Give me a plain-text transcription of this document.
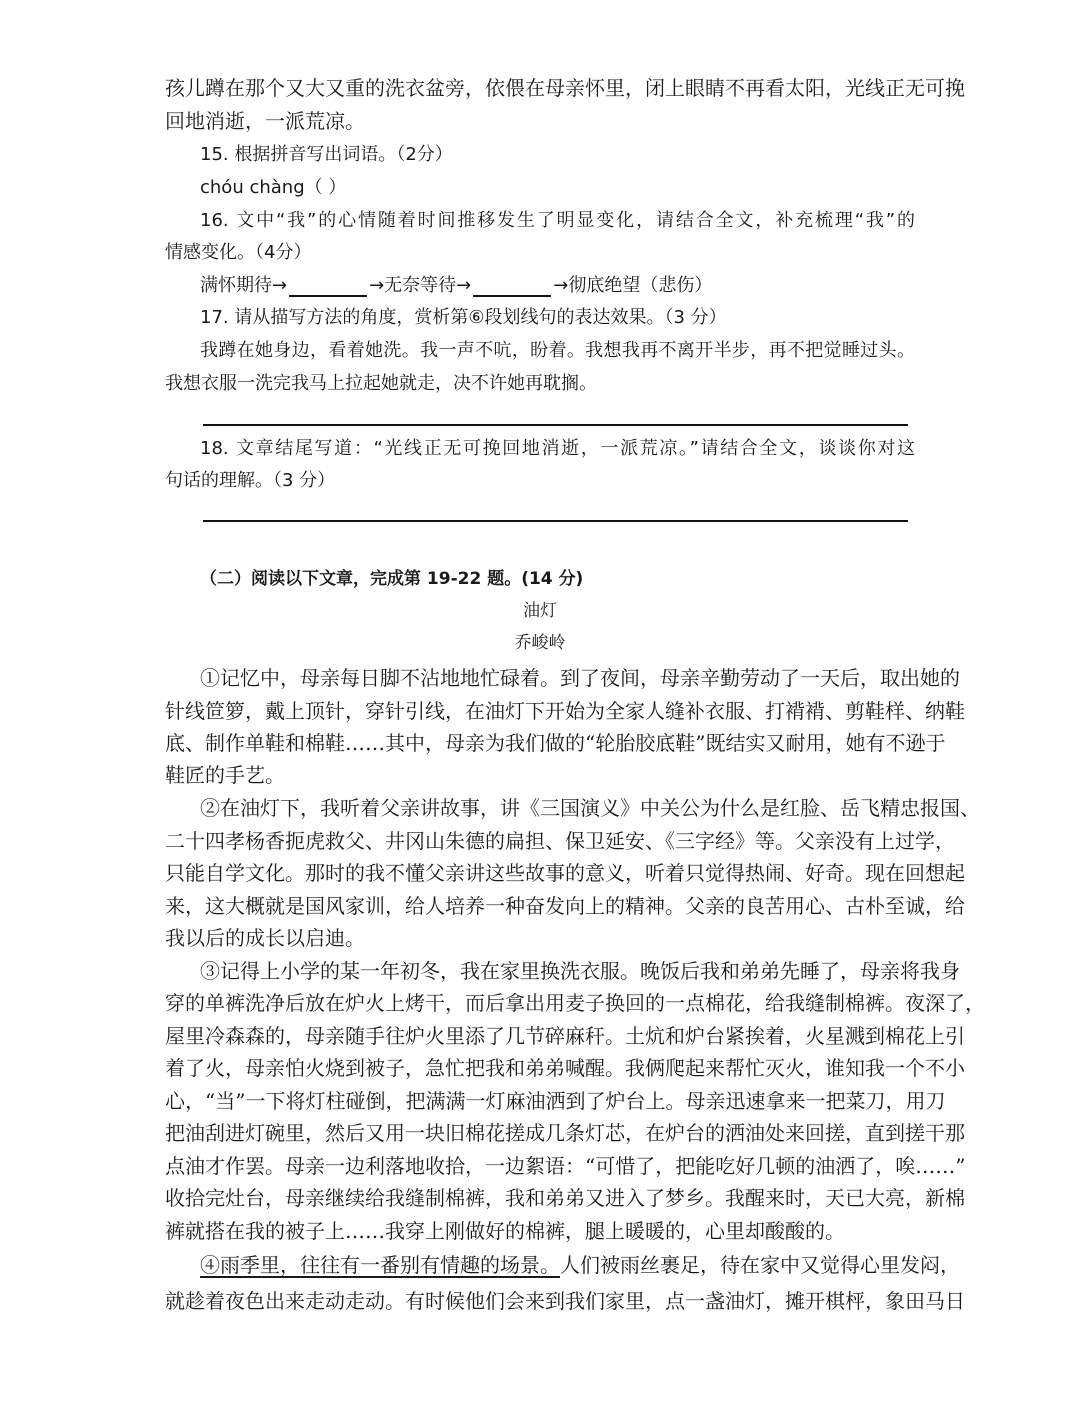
孩儿蹲在那个又大又重的洗衣盆旁，依偎在母亲怀里，闭上眼睛不再看太阳，光线正无可挽
回地消逝，一派荒凉。
15. 根据拼音写出词语。（2分）
chóu chàng（ ）
16. 文中“我”的心情随着时间推移发生了明显变化，请结合全文，补充梳理“我”的
情感变化。（4分）
满怀期待→	→无奈等待→	→彻底绝望（悲伤）
17. 请从描写方法的角度，赏析第⑥段划线句的表达效果。（3 分）
我蹲在她身边，看着她洗。我一声不吭，盼着。我想我再不离开半步，再不把觉睡过头。
我想衣服一洗完我马上拉起她就走，决不许她再耽搁。
18. 文章结尾写道：“光线正无可挽回地消逝，一派荒凉。”请结合全文，谈谈你对这
句话的理解。（3 分）
（二）阅读以下文章，完成第 19-22 题。(14 分)
油灯
乔峻岭
①记忆中，母亲每日脚不沾地地忙碌着。到了夜间，母亲辛勤劳动了一天后，取出她的
针线笸箩，戴上顶针，穿针引线，在油灯下开始为全家人缝补衣服、打褙褙、剪鞋样、纳鞋
底、制作单鞋和棉鞋……其中，母亲为我们做的“轮胎胶底鞋”既结实又耐用，她有不逊于
鞋匠的手艺。
②在油灯下，我听着父亲讲故事，讲《三国演义》中关公为什么是红脸、岳飞精忠报国、
二十四孝杨香扼虎救父、井冈山朱德的扁担、保卫延安、《三字经》等。父亲没有上过学，
只能自学文化。那时的我不懂父亲讲这些故事的意义，听着只觉得热闹、好奇。现在回想起
来，这大概就是国风家训，给人培养一种奋发向上的精神。父亲的良苦用心、古朴至诚，给
我以后的成长以启迪。
③记得上小学的某一年初冬，我在家里换洗衣服。晚饭后我和弟弟先睡了，母亲将我身
穿的单裤洗净后放在炉火上烤干，而后拿出用麦子换回的一点棉花，给我缝制棉裤。夜深了，
屋里冷森森的，母亲随手往炉火里添了几节碎麻秆。土炕和炉台紧挨着，火星溅到棉花上引
着了火，母亲怕火烧到被子，急忙把我和弟弟喊醒。我俩爬起来帮忙灭火，谁知我一个不小
心，“当”一下将灯柱碰倒，把满满一灯麻油洒到了炉台上。母亲迅速拿来一把菜刀，用刀
把油刮进灯碗里，然后又用一块旧棉花搓成几条灯芯，在炉台的洒油处来回搓，直到搓干那
点油才作罢。母亲一边利落地收拾，一边絮语：“可惜了，把能吃好几顿的油洒了，唉……”
收拾完灶台，母亲继续给我缝制棉裤，我和弟弟又进入了梦乡。我醒来时，天已大亮，新棉
裤就搭在我的被子上……我穿上刚做好的棉裤，腿上暖暖的，心里却酸酸的。
④雨季里，往往有一番别有情趣的场景。人们被雨丝裹足，待在家中又觉得心里发闷，
就趁着夜色出来走动走动。有时候他们会来到我们家里，点一盏油灯，摊开棋枰，象田马日
